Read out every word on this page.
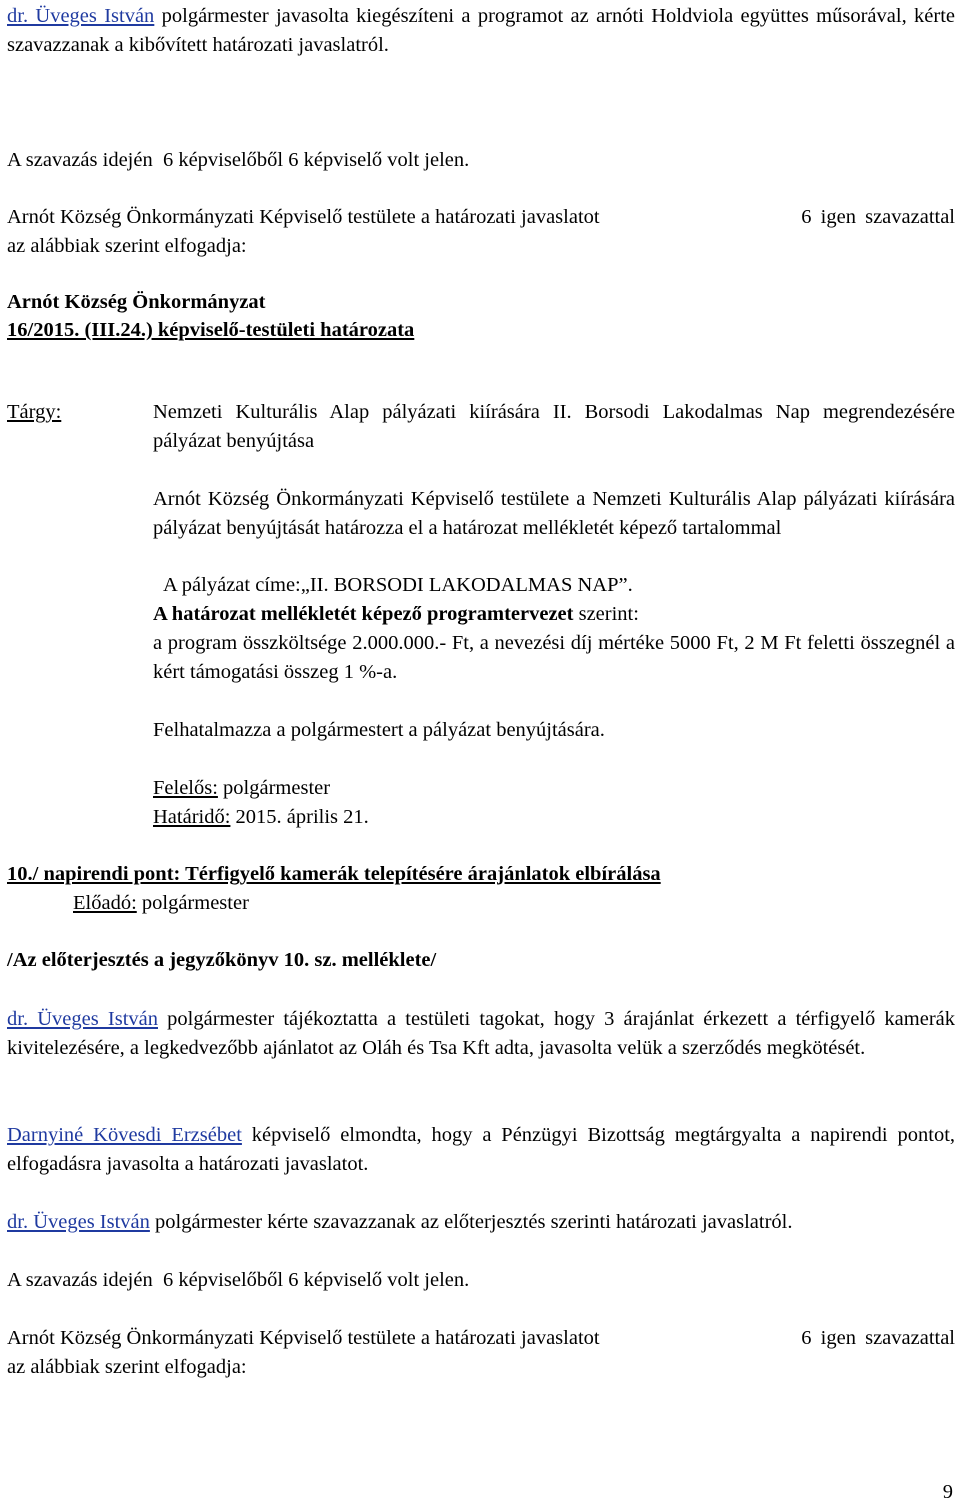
dr. Üveges István polgármester javasolta kiegészíteni a programot az arnóti Holdviola együttes műsorával, kérte szavazzanak a kibővített határozati javaslatról.
A szavazás idején  6 képviselőből 6 képviselő volt jelen.
Arnót Község Önkormányzati Képviselő testülete a határozati javaslatot	6 igen szavazattal
az alábbiak szerint elfogadja:
Arnót Község Önkormányzat
16/2015. (III.24.) képviselő-testületi határozata
Tárgy:	Nemzeti Kulturális Alap pályázati kiírására II. Borsodi Lakodalmas Nap megrendezésére pályázat benyújtása
Arnót Község Önkormányzati Képviselő testülete a Nemzeti Kulturális Alap pályázati kiírására pályázat benyújtását határozza el a határozat mellékletét képező tartalommal
A pályázat címe:„II. BORSODI LAKODALMAS NAP”.
A határozat mellékletét képező programtervezet szerint:
a program összköltsége 2.000.000.- Ft, a nevezési díj mértéke 5000 Ft, 2 M Ft feletti összegnél a kért támogatási összeg 1 %-a.
Felhatalmazza a polgármestert a pályázat benyújtására.
Felelős: polgármester
Határidő: 2015. április 21.
10./ napirendi pont: Térfigyelő kamerák telepítésére árajánlatok elbírálása
Előadó: polgármester
/Az előterjesztés a jegyzőkönyv 10. sz. melléklete/
dr. Üveges István polgármester tájékoztatta a testületi tagokat, hogy 3 árajánlat érkezett a térfigyelő kamerák kivitelezésére, a legkedvezőbb ajánlatot az Oláh és Tsa Kft adta, javasolta velük a szerződés megkötését.
Darnyiné Kövesdi Erzsébet képviselő elmondta, hogy a Pénzügyi Bizottság megtárgyalta a napirendi pontot, elfogadásra javasolta a határozati javaslatot.
dr. Üveges István polgármester kérte szavazzanak az előterjesztés szerinti határozati javaslatról.
A szavazás idején  6 képviselőből 6 képviselő volt jelen.
Arnót Község Önkormányzati Képviselő testülete a határozati javaslatot	6 igen szavazattal
az alábbiak szerint elfogadja:
9
